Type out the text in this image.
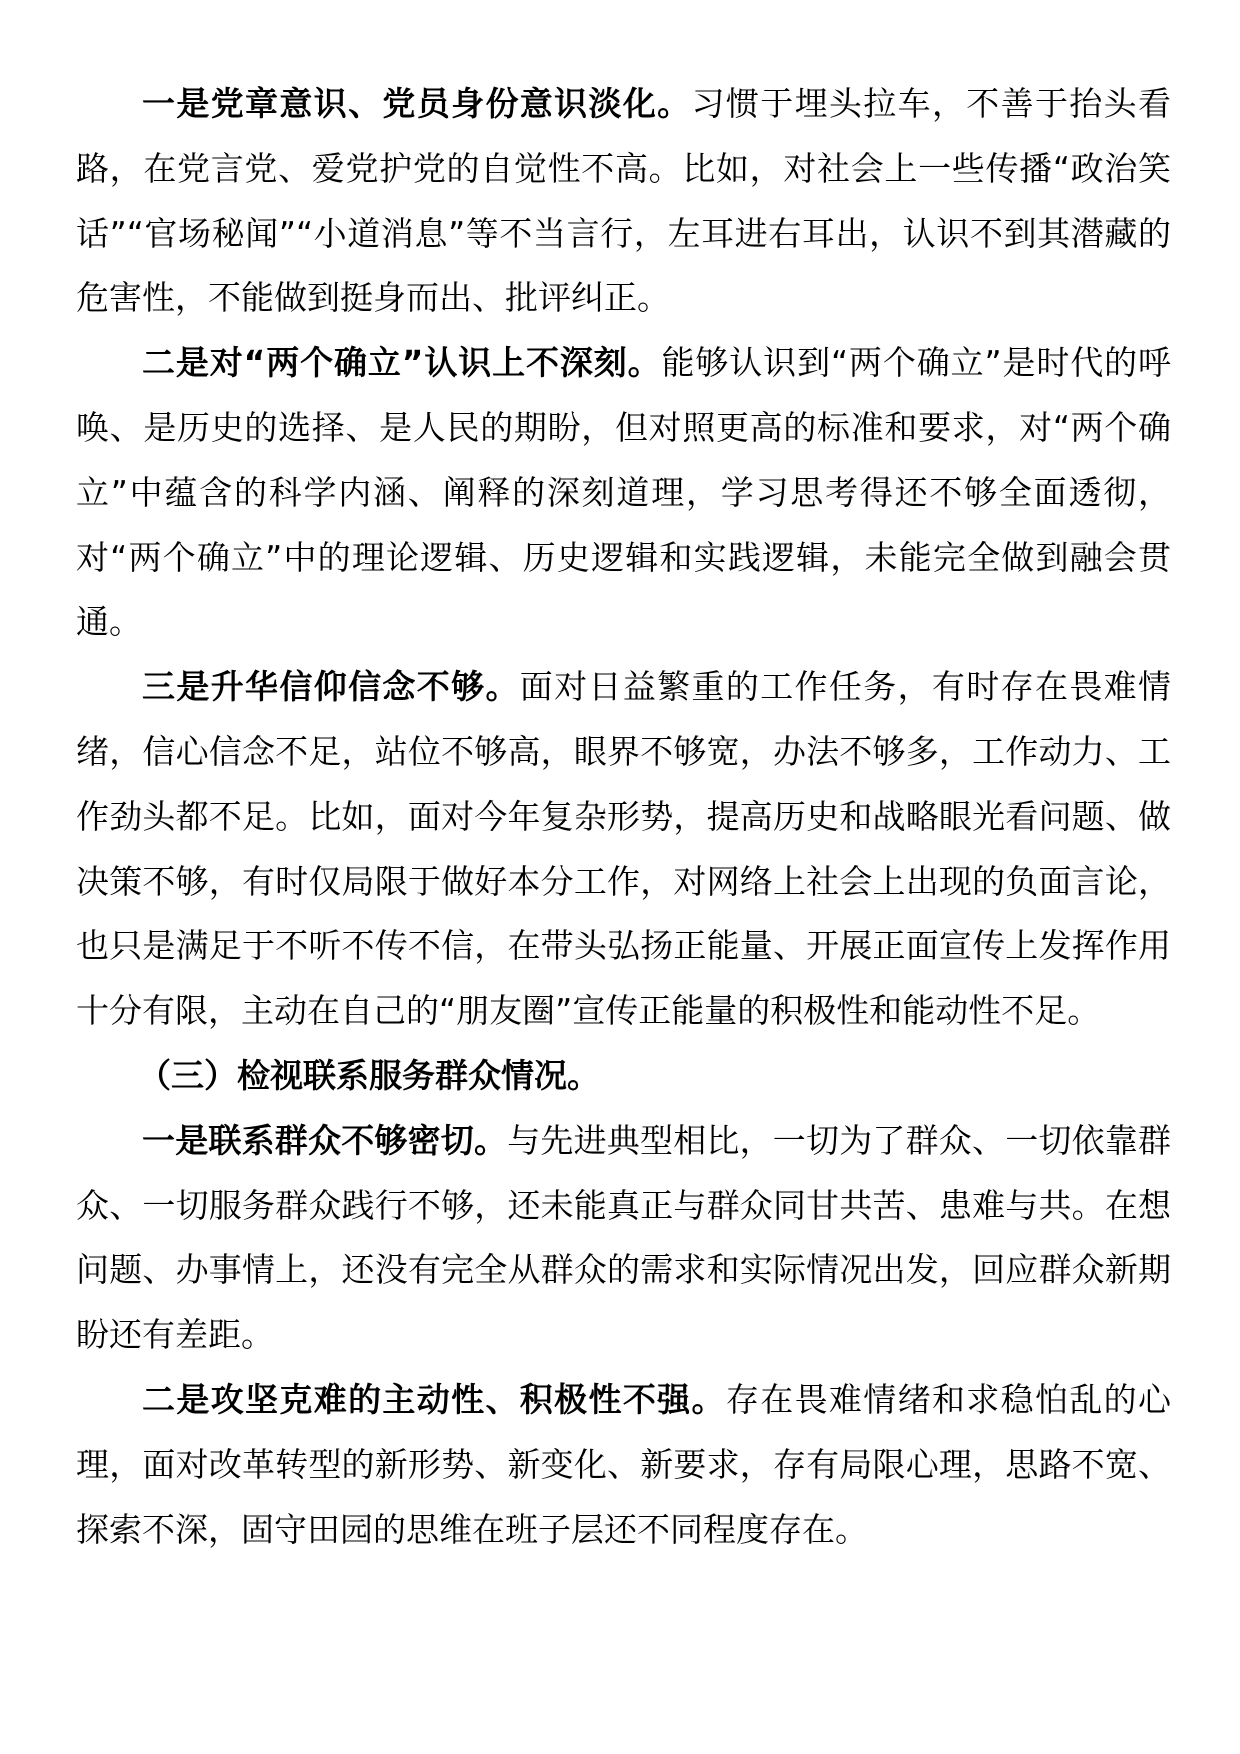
一是党章意识、党员身份意识淡化。习惯于埋头拉车，不善于抬头看路，在党言党、爱党护党的自觉性不高。比如，对社会上一些传播“政治笑话”“官场秘闻”“小道消息”等不当言行，左耳进右耳出，认识不到其潜藏的危害性，不能做到挺身而出、批评纠正。

二是对“两个确立”认识上不深刻。能够认识到“两个确立”是时代的呼唤、是历史的选择、是人民的期盼，但对照更高的标准和要求，对“两个确立”中蕴含的科学内涵、阐释的深刻道理，学习思考得还不够全面透彻，对“两个确立”中的理论逻辑、历史逻辑和实践逻辑，未能完全做到融会贯通。

三是升华信仰信念不够。面对日益繁重的工作任务，有时存在畏难情绪，信心信念不足，站位不够高，眼界不够宽，办法不够多，工作动力、工作劲头都不足。比如，面对今年复杂形势，提高历史和战略眼光看问题、做决策不够，有时仅局限于做好本分工作，对网络上社会上出现的负面言论，也只是满足于不听不传不信，在带头弘扬正能量、开展正面宣传上发挥作用十分有限，主动在自己的“朋友圈”宣传正能量的积极性和能动性不足。

（三）检视联系服务群众情况。

一是联系群众不够密切。与先进典型相比，一切为了群众、一切依靠群众、一切服务群众践行不够，还未能真正与群众同甘共苦、患难与共。在想问题、办事情上，还没有完全从群众的需求和实际情况出发，回应群众新期盼还有差距。

二是攻坚克难的主动性、积极性不强。存在畏难情绪和求稳怕乱的心理，面对改革转型的新形势、新变化、新要求，存有局限心理，思路不宽、探索不深，固守田园的思维在班子层还不同程度存在。
